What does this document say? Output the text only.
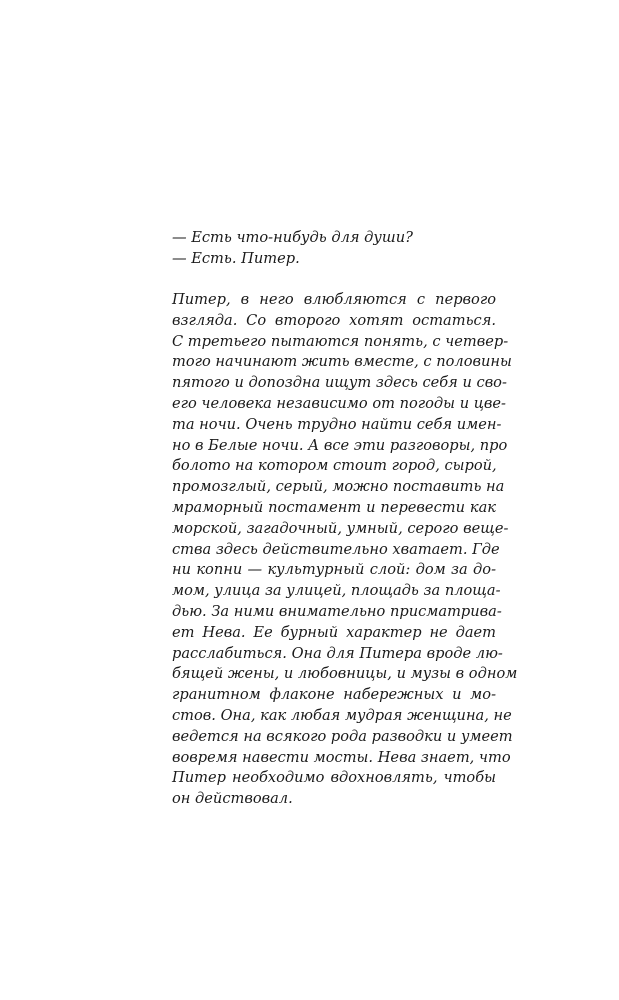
— Есть что-нибудь для души?
— Есть. Питер.
Питер, в него влюбляются с первого
взгляда. Со второго хотят остаться.
С третьего пытаются понять, с четвер-
того начинают жить вместе, с половины
пятого и допоздна ищут здесь себя и сво-
его человека независимо от погоды и цве-
та ночи. Очень трудно найти себя имен-
но в Белые ночи. А все эти разговоры, про
болото на котором стоит город, сырой,
промозглый, серый, можно поставить на
мраморный постамент и перевести как
морской, загадочный, умный, серого веще-
ства здесь действительно хватает. Где
ни копни — культурный слой: дом за до-
мом, улица за улицей, площадь за площа-
дью. За ними внимательно присматрива-
ет Нева. Ее бурный характер не дает
расслабиться. Она для Питера вроде лю-
бящей жены, и любовницы, и музы в одном
гранитном флаконе набережных и мо-
стов. Она, как любая мудрая женщина, не
ведется на всякого рода разводки и умеет
вовремя навести мосты. Нева знает, что
Питер необходимо вдохновлять, чтобы
он действовал.
